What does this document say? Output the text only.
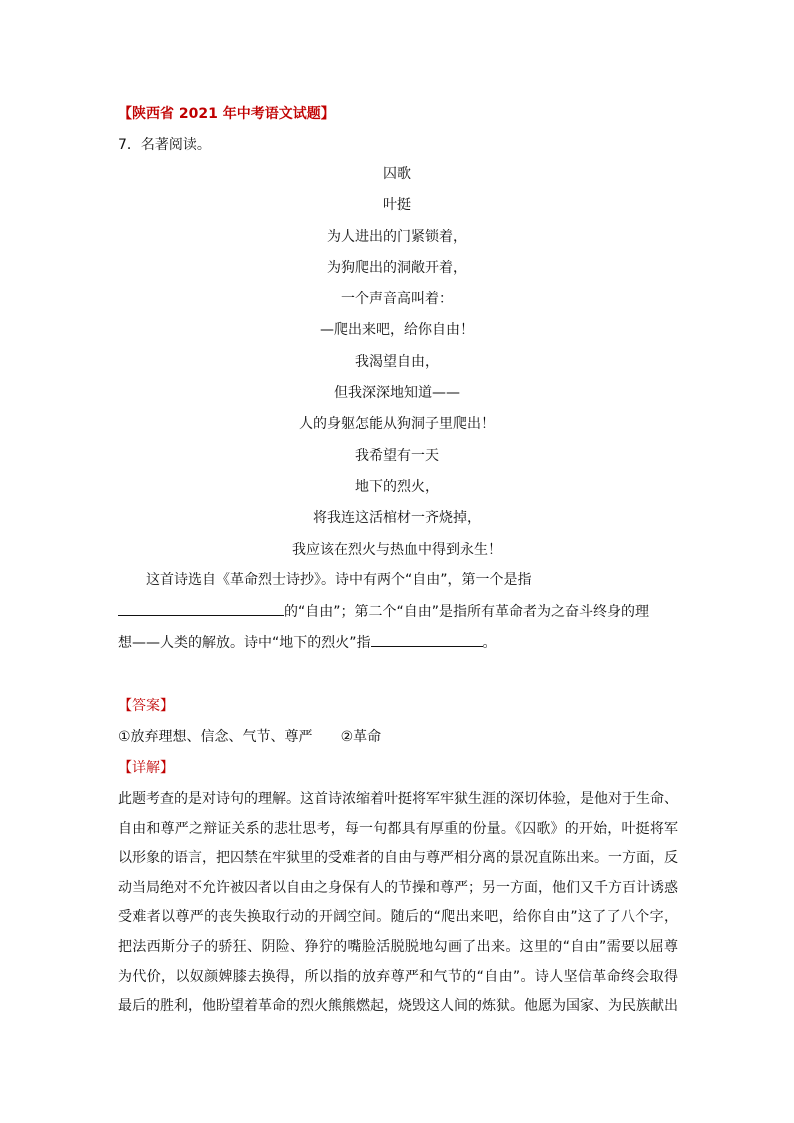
【陕西省 2021 年中考语文试题】
7．名著阅读。
囚歌
叶挺
为人进出的门紧锁着，
为狗爬出的洞敞开着，
一个声音高叫着：
—爬出来吧，给你自由！
我渴望自由，
但我深深地知道——
人的身躯怎能从狗洞子里爬出！
我希望有一天
地下的烈火，
将我连这活棺材一齐烧掉，
我应该在烈火与热血中得到永生！
这首诗选自《革命烈士诗抄》。诗中有两个“自由”，第一个是指
的“自由”；第二个“自由”是指所有革命者为之奋斗终身的理
想——人类的解放。诗中“地下的烈火”指	。
【答案】
①放弃理想、信念、气节、尊严 ②革命
【详解】
此题考查的是对诗句的理解。这首诗浓缩着叶挺将军牢狱生涯的深切体验，是他对于生命、
自由和尊严之辩证关系的悲壮思考，每一句都具有厚重的份量。《囚歌》的开始，叶挺将军
以形象的语言，把囚禁在牢狱里的受难者的自由与尊严相分离的景况直陈出来。一方面，反
动当局绝对不允许被囚者以自由之身保有人的节操和尊严；另一方面，他们又千方百计诱惑
受难者以尊严的丧失换取行动的开阔空间。随后的“爬出来吧，给你自由”这了了八个字，
把法西斯分子的骄狂、阴险、狰狞的嘴脸活脱脱地勾画了出来。这里的“自由”需要以屈尊
为代价，以奴颜婢膝去换得，所以指的放弃尊严和气节的“自由”。诗人坚信革命终会取得
最后的胜利，他盼望着革命的烈火熊熊燃起，烧毁这人间的炼狱。他愿为国家、为民族献出
